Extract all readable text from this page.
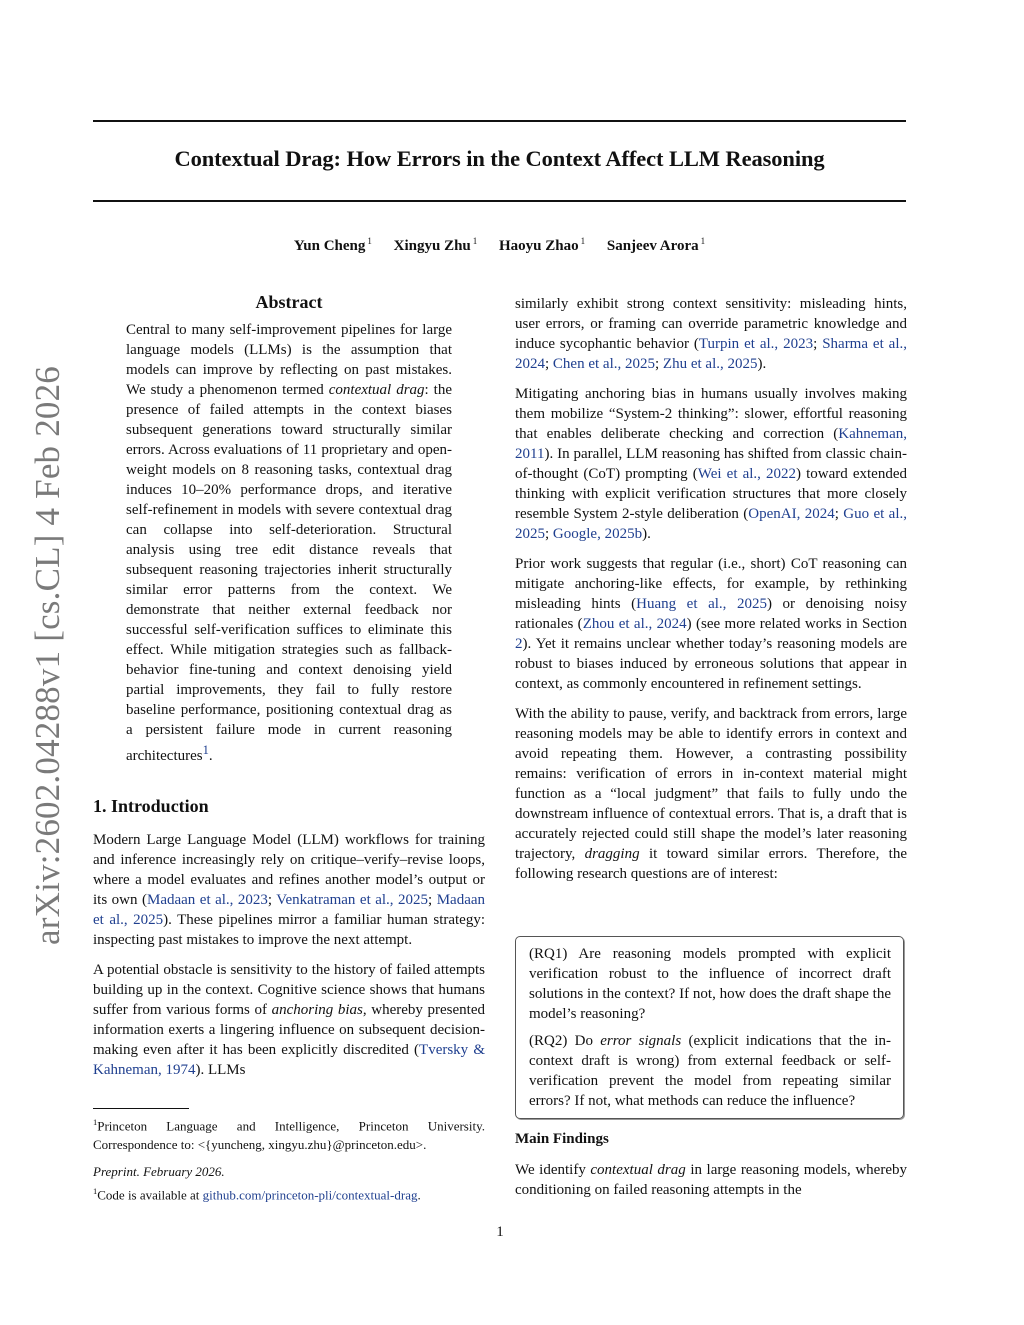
Contextual Drag: How Errors in the Context Affect LLM Reasoning
Yun Cheng $^1$ Xingyu Zhu $^1$ Haoyu Zhao $^1$ Sanjeev Arora $^1$
arXiv:2602.04288v1 [cs.CL] 4 Feb 2026
Abstract
Central to many self-improvement pipelines for large language models (LLMs) is the assumption that models can improve by reflecting on past mistakes. We study a phenomenon termed contextual drag: the presence of failed attempts in the context biases subsequent generations toward structurally similar errors. Across evaluations of 11 proprietary and open-weight models on 8 reasoning tasks, contextual drag induces 10–20% performance drops, and iterative self-refinement in models with severe contextual drag can collapse into self-deterioration. Structural analysis using tree edit distance reveals that subsequent reasoning trajectories inherit structurally similar error patterns from the context. We demonstrate that neither external feedback nor successful self-verification suffices to eliminate this effect. While mitigation strategies such as fallback-behavior fine-tuning and context denoising yield partial improvements, they fail to fully restore baseline performance, positioning contextual drag as a persistent failure mode in current reasoning architectures$^1$.
1. Introduction

Modern Large Language Model (LLM) workflows for training and inference increasingly rely on critique–verify–revise loops, where a model evaluates and refines another model’s output or its own (Madaan et al., 2023; Venkatraman et al., 2025; Madaan et al., 2025). These pipelines mirror a familiar human strategy: inspecting past mistakes to improve the next attempt.

A potential obstacle is sensitivity to the history of failed attempts building up in the context. Cognitive science shows that humans suffer from various forms of anchoring bias, whereby presented information exerts a lingering influence on subsequent decision-making even after it has been explicitly discredited (Tversky & Kahneman, 1974). LLMs

similarly exhibit strong context sensitivity: misleading hints, user errors, or framing can override parametric knowledge and induce sycophantic behavior (Turpin et al., 2023; Sharma et al., 2024; Chen et al., 2025; Zhu et al., 2025).

Mitigating anchoring bias in humans usually involves making them mobilize “System-2 thinking”: slower, effortful reasoning that enables deliberate checking and correction (Kahneman, 2011). In parallel, LLM reasoning has shifted from classic chain-of-thought (CoT) prompting (Wei et al., 2022) toward extended thinking with explicit verification structures that more closely resemble System 2-style deliberation (OpenAI, 2024; Guo et al., 2025; Google, 2025b).

Prior work suggests that regular (i.e., short) CoT reasoning can mitigate anchoring-like effects, for example, by rethinking misleading hints (Huang et al., 2025) or denoising noisy rationales (Zhou et al., 2024) (see more related works in Section 2). Yet it remains unclear whether today’s reasoning models are robust to biases induced by erroneous solutions that appear in context, as commonly encountered in refinement settings.

With the ability to pause, verify, and backtrack from errors, large reasoning models may be able to identify errors in context and avoid repeating them. However, a contrasting possibility remains: verification of errors in in-context material might function as a “local judgment” that fails to fully undo the downstream influence of contextual errors. That is, a draft that is accurately rejected could still shape the model’s later reasoning trajectory, dragging it toward similar errors. Therefore, the following research questions are of interest:

(RQ1) Are reasoning models prompted with explicit verification robust to the influence of incorrect draft solutions in the context? If not, how does the draft shape the model’s reasoning?

(RQ2) Do error signals (explicit indications that the in-context draft is wrong) from external feedback or self-verification prevent the model from repeating similar errors? If not, what methods can reduce the influence?

Main Findings
We identify contextual drag in large reasoning models, whereby conditioning on failed reasoning attempts in the
$^1$Princeton Language and Intelligence, Princeton University. Correspondence to: <{yuncheng, xingyu.zhu}@princeton.edu>.
Preprint. February 2026.
$^1$Code is available at github.com/princeton-pli/contextual-drag.
1
